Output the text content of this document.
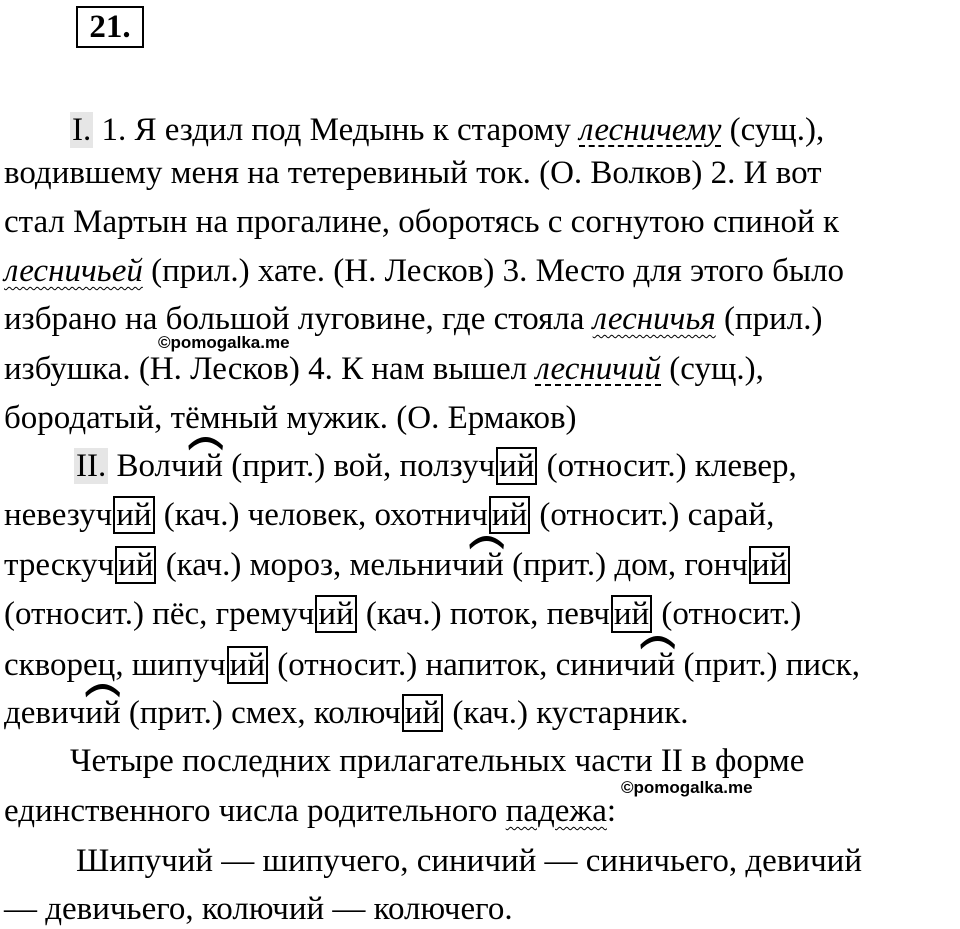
21.
I. 1. Я ездил под Медынь к старому лесничему (сущ.),
водившему меня на тетеревиный ток. (О. Волков) 2. И вот
стал Мартын на прогалине, оборотясь с согнутою спиной к
лесничьей (прил.) хате. (Н. Лесков) 3. Место для этого было
избрано на большой луговине, где стояла лесничья (прил.)
избушка. (Н. Лесков) 4. К нам вышел лесничий (сущ.),
бородатый, тёмный мужик. (О. Ермаков)
II. Волчий
(прит.) вой, ползуч ий (относит.) клевер,
невезуч ий (кач.) человек, охотнич ий (относит.) сарай,
трескуч ий (кач.) мороз, мельничий
(прит.) дом, гонч ий
(относит.) пёс, гремуч ий (кач.) поток, певч ий (относит.)
скворец, шипуч ий (относит.) напиток, синичий
(прит.) писк,
девичий
(прит.) смех, колюч ий (кач.) кустарник.
Четыре последних прилагательных части II в форме
единственного числа родительного падежа:
Шипучий — шипучего, синичий — синичьего, девичий
— девичьего, колючий — колючего.
©pomogalka.me
©pomogalka.me
